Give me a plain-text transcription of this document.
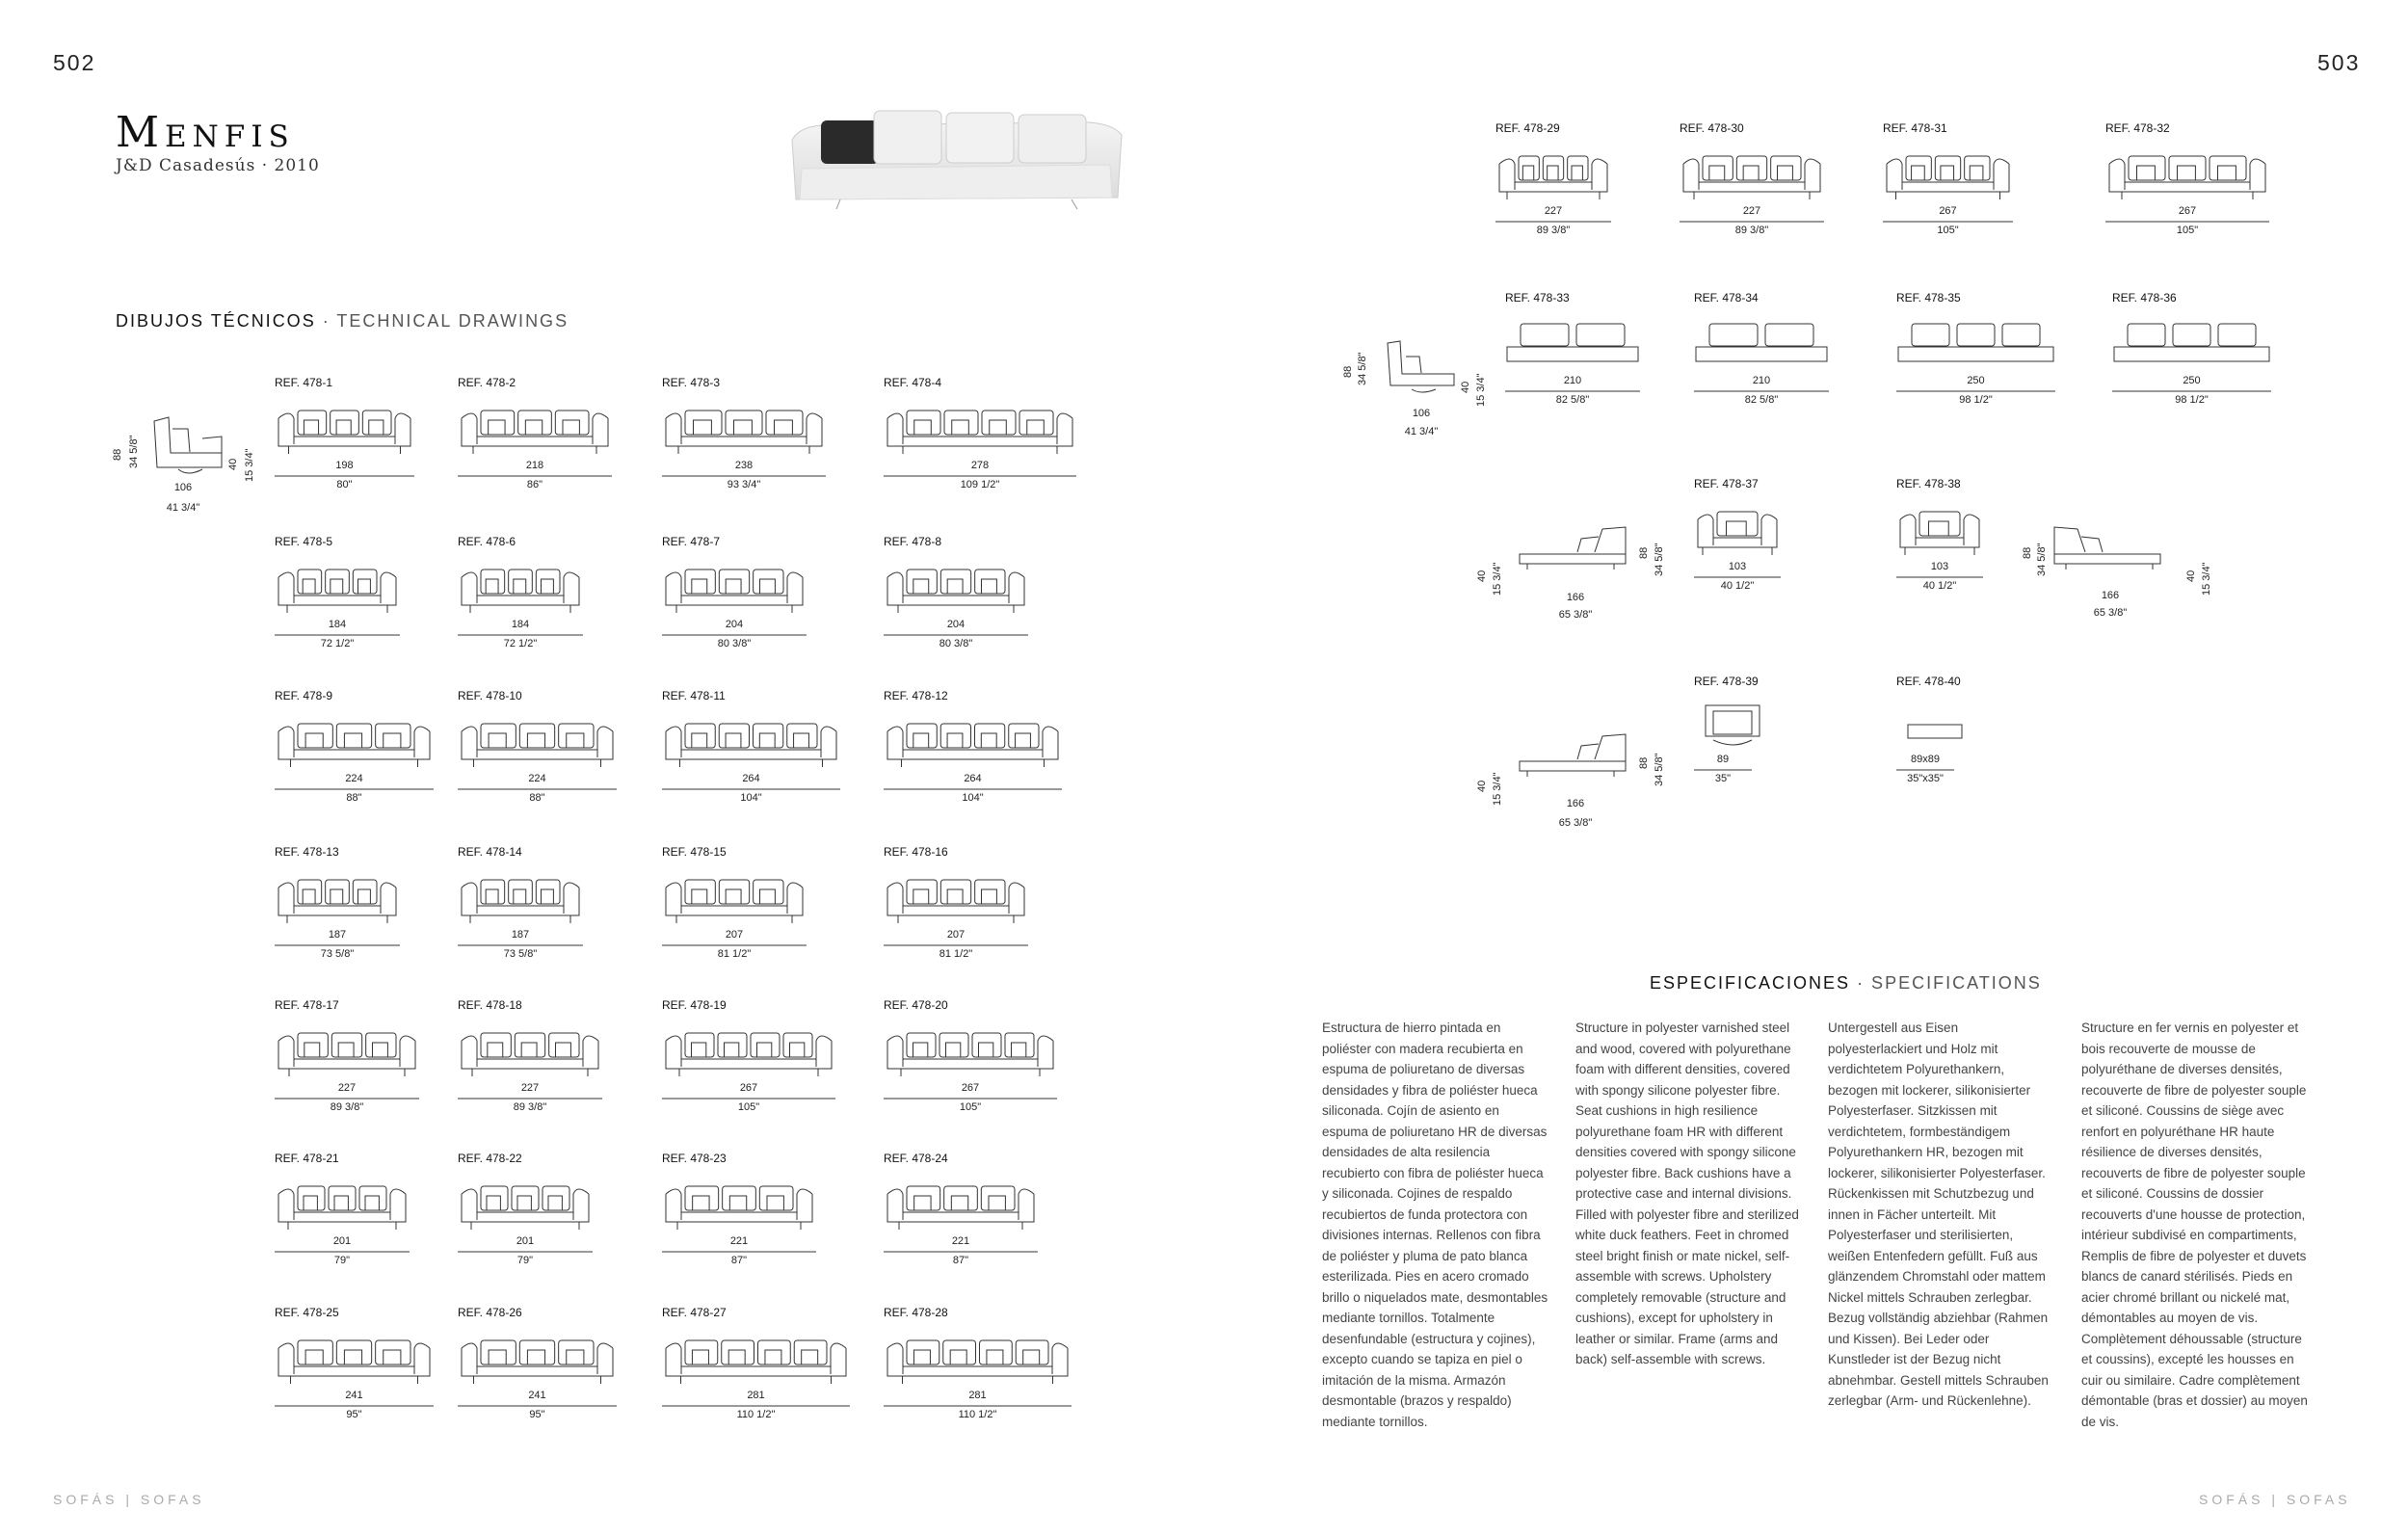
502	503
Menfis
J&D Casadesús · 2010
DIBUJOS TÉCNICOS · TECHNICAL DRAWINGS
88 34 5/8"	40 15 3/4"
106
41 3/4"
REF. 478-1
198
80"
REF. 478-2
218
86"
REF. 478-3
238
93 3/4"
REF. 478-4
278
109 1/2"
REF. 478-5
184
72 1/2"
REF. 478-6
184
72 1/2"
REF. 478-7
204
80 3/8"
REF. 478-8
204
80 3/8"
REF. 478-9
224
88"
REF. 478-10
224
88"
REF. 478-11
264
104"
REF. 478-12
264
104"
REF. 478-13
187
73 5/8"
REF. 478-14
187
73 5/8"
REF. 478-15
207
81 1/2"
REF. 478-16
207
81 1/2"
REF. 478-17
227
89 3/8"
REF. 478-18
227
89 3/8"
REF. 478-19
267
105"
REF. 478-20
267
105"
REF. 478-21
201
79"
REF. 478-22
201
79"
REF. 478-23
221
87"
REF. 478-24
221
87"
REF. 478-25
241
95"
REF. 478-26
241
95"
REF. 478-27
281
110 1/2"
REF. 478-28
281
110 1/2"
REF. 478-29
227
89 3/8"
REF. 478-30
227
89 3/8"
REF. 478-31
267
105"
REF. 478-32
267
105"
REF. 478-33
210
82 5/8"
REF. 478-34
210
82 5/8"
REF. 478-35
250
98 1/2"
REF. 478-36
250
98 1/2"
REF. 478-37
103
40 1/2"
REF. 478-38
103
40 1/2"
REF. 478-39
89
35"
REF. 478-40
89x89
35"x35"
88 34 5/8"
40 15 3/4"
106
41 3/4"
40 15 3/4"
88 34 5/8"
166
65 3/8"
88 34 5/8"	40 15 3/4"
166
65 3/8"
40 15 3/4"
88 34 5/8"
166
65 3/8"
ESPECIFICACIONES · SPECIFICATIONS
Estructura de hierro pintada en poliéster con madera recubierta en espuma de poliuretano de diversas densidades y fibra de poliéster hueca siliconada. Cojín de asiento en espuma de poliuretano HR de diversas densidades de alta resilencia recubierto con fibra de poliéster hueca y siliconada. Cojines de respaldo recubiertos de funda protectora con divisiones internas. Rellenos con fibra de poliéster y pluma de pato blanca esterilizada. Pies en acero cromado brillo o niquelados mate, desmontables mediante tornillos. Totalmente desenfundable (estructura y cojines), excepto cuando se tapiza en piel o imitación de la misma. Armazón desmontable (brazos y respaldo) mediante tornillos.
Structure in polyester varnished steel and wood, covered with polyurethane foam with different densities, covered with spongy silicone polyester fibre. Seat cushions in high resilience polyurethane foam HR with different densities covered with spongy silicone polyester fibre. Back cushions have a protective case and internal divisions. Filled with polyester fibre and sterilized white duck feathers. Feet in chromed steel bright finish or mate nickel, self-assemble with screws. Upholstery completely removable (structure and cushions), except for upholstery in leather or similar. Frame (arms and back) self-assemble with screws.
Untergestell aus Eisen polyesterlackiert und Holz mit verdichtetem Polyurethankern, bezogen mit lockerer, silikonisierter Polyesterfaser. Sitzkissen mit verdichtetem, formbeständigem Polyurethankern HR, bezogen mit lockerer, silikonisierter Polyesterfaser. Rückenkissen mit Schutzbezug und innen in Fächer unterteilt. Mit Polyesterfaser und sterilisierten, weißen Entenfedern gefüllt. Fuß aus glänzendem Chromstahl oder mattem Nickel mittels Schrauben zerlegbar. Bezug vollständig abziehbar (Rahmen und Kissen). Bei Leder oder Kunstleder ist der Bezug nicht abnehmbar. Gestell mittels Schrauben zerlegbar (Arm- und Rückenlehne).
Structure en fer vernis en polyester et bois recouverte de mousse de polyuréthane de diverses densités, recouverte de fibre de polyester souple et siliconé. Coussins de siège avec renfort en polyuréthane HR haute résilience de diverses densités, recouverts de fibre de polyester souple et siliconé. Coussins de dossier recouverts d'une housse de protection, intérieur subdivisé en compartiments, Remplis de fibre de polyester et duvets blancs de canard stérilisés. Pieds en acier chromé brillant ou nickelé mat, démontables au moyen de vis. Complètement déhoussable (structure et coussins), excepté les housses en cuir ou similaire. Cadre complètement démontable (bras et dossier) au moyen de vis.
SOFÁS | SOFAS	SOFÁS | SOFAS
